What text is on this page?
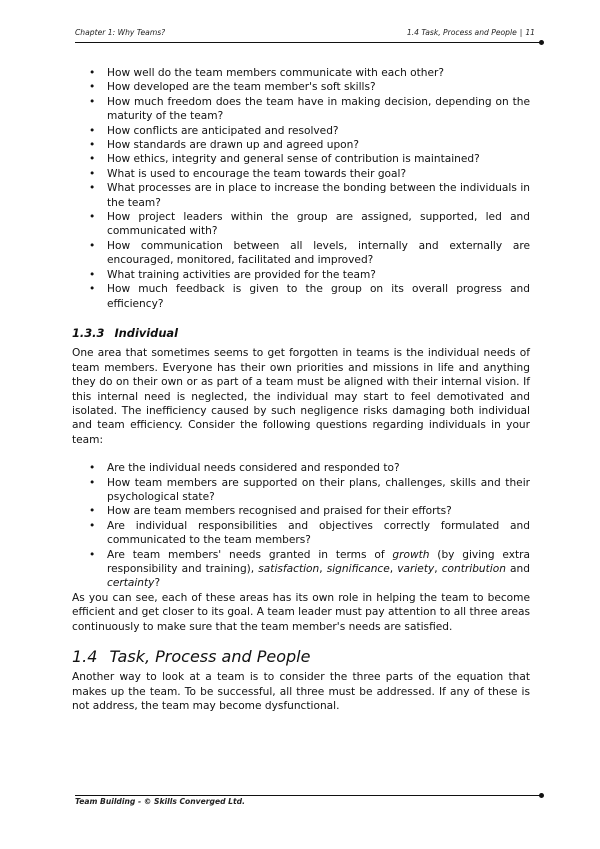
Chapter 1: Why Teams?	1.4 Task, Process and People | 11
• How well do the team members communicate with each other?
• How developed are the team member's soft skills?
• How much freedom does the team have in making decision, depending on the maturity of the team?
• How conflicts are anticipated and resolved?
• How standards are drawn up and agreed upon?
• How ethics, integrity and general sense of contribution is maintained?
• What is used to encourage the team towards their goal?
• What processes are in place to increase the bonding between the individuals in the team?
• How project leaders within the group are assigned, supported, led and communicated with?
• How communication between all levels, internally and externally are encouraged, monitored, facilitated and improved?
• What training activities are provided for the team?
• How much feedback is given to the group on its overall progress and efficiency?
1.3.3 Individual

One area that sometimes seems to get forgotten in teams is the individual needs of team members. Everyone has their own priorities and missions in life and anything they do on their own or as part of a team must be aligned with their internal vision. If this internal need is neglected, the individual may start to feel demotivated and isolated. The inefficiency caused by such negligence risks damaging both individual and team efficiency. Consider the following questions regarding individuals in your team:

• Are the individual needs considered and responded to?
• How team members are supported on their plans, challenges, skills and their psychological state?
• How are team members recognised and praised for their efforts?
• Are individual responsibilities and objectives correctly formulated and communicated to the team members?
• Are team members' needs granted in terms of growth (by giving extra responsibility and training), satisfaction, significance, variety, contribution and certainty?

As you can see, each of these areas has its own role in helping the team to become efficient and get closer to its goal. A team leader must pay attention to all three areas continuously to make sure that the team member's needs are satisfied.

1.4 Task, Process and People

Another way to look at a team is to consider the three parts of the equation that makes up the team. To be successful, all three must be addressed. If any of these is not address, the team may become dysfunctional.

Team Building - © Skills Converged Ltd.
